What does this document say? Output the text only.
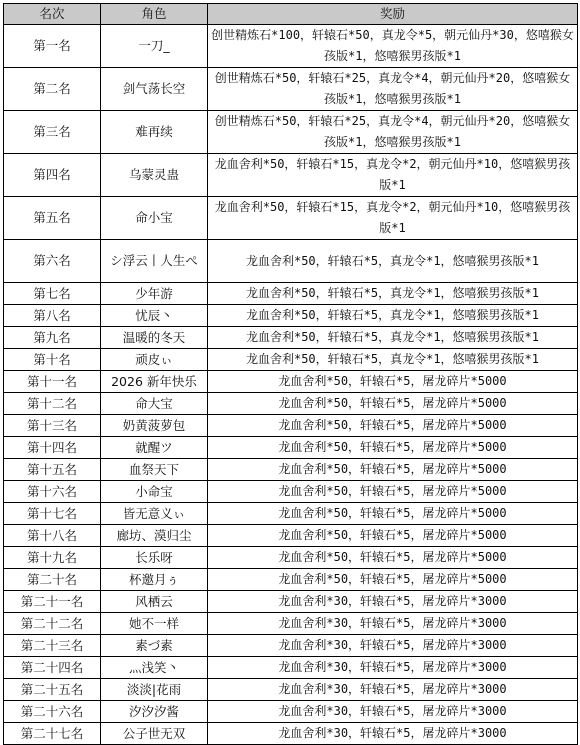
名次	角色	奖励
第一名	一刀_	创世精炼石*100，轩辕石*50，真龙令*5，朝元仙丹*30，悠嘻猴女孩版*1，悠嘻猴男孩版*1
第二名	剑气荡长空	创世精炼石*50，轩辕石*25，真龙令*4，朝元仙丹*20，悠嘻猴女孩版*1，悠嘻猴男孩版*1
第三名	难再续	创世精炼石*50，轩辕石*25，真龙令*4，朝元仙丹*20，悠嘻猴女孩版*1，悠嘻猴男孩版*1
第四名	乌蒙灵蛊	龙血舍利*50，轩辕石*15，真龙令*2，朝元仙丹*10，悠嘻猴男孩版*1
第五名	命小宝	龙血舍利*50，轩辕石*15，真龙令*2，朝元仙丹*10，悠嘻猴男孩版*1
第六名	シ浮云丨人生ぺ	龙血舍利*50，轩辕石*5，真龙令*1，悠嘻猴男孩版*1
第七名	少年游	龙血舍利*50，轩辕石*5，真龙令*1，悠嘻猴男孩版*1
第八名	忧辰丶	龙血舍利*50，轩辕石*5，真龙令*1，悠嘻猴男孩版*1
第九名	温暖的冬天	龙血舍利*50，轩辕石*5，真龙令*1，悠嘻猴男孩版*1
第十名	顽皮ぃ	龙血舍利*50，轩辕石*5，真龙令*1，悠嘻猴男孩版*1
第十一名	2026 新年快乐	龙血舍利*50，轩辕石*5，屠龙碎片*5000
第十二名	命大宝	龙血舍利*50，轩辕石*5，屠龙碎片*5000
第十三名	奶黄菠萝包	龙血舍利*50，轩辕石*5，屠龙碎片*5000
第十四名	就醒ツ	龙血舍利*50，轩辕石*5，屠龙碎片*5000
第十五名	血祭天下	龙血舍利*50，轩辕石*5，屠龙碎片*5000
第十六名	小命宝	龙血舍利*50，轩辕石*5，屠龙碎片*5000
第十七名	皆无意义ぃ	龙血舍利*50，轩辕石*5，屠龙碎片*5000
第十八名	廊坊、漠归尘	龙血舍利*50，轩辕石*5，屠龙碎片*5000
第十九名	长乐呀	龙血舍利*50，轩辕石*5，屠龙碎片*5000
第二十名	杯邀月ぅ	龙血舍利*50，轩辕石*5，屠龙碎片*5000
第二十一名	风栖云	龙血舍利*30，轩辕石*5，屠龙碎片*3000
第二十二名	她不一样	龙血舍利*30，轩辕石*5，屠龙碎片*3000
第二十三名	素づ素	龙血舍利*30，轩辕石*5，屠龙碎片*3000
第二十四名	灬浅笑丶	龙血舍利*30，轩辕石*5，屠龙碎片*3000
第二十五名	淡淡|花雨	龙血舍利*30，轩辕石*5，屠龙碎片*3000
第二十六名	汐汐汐酱	龙血舍利*30，轩辕石*5，屠龙碎片*3000
第二十七名	公子世无双	龙血舍利*30，轩辕石*5，屠龙碎片*3000
